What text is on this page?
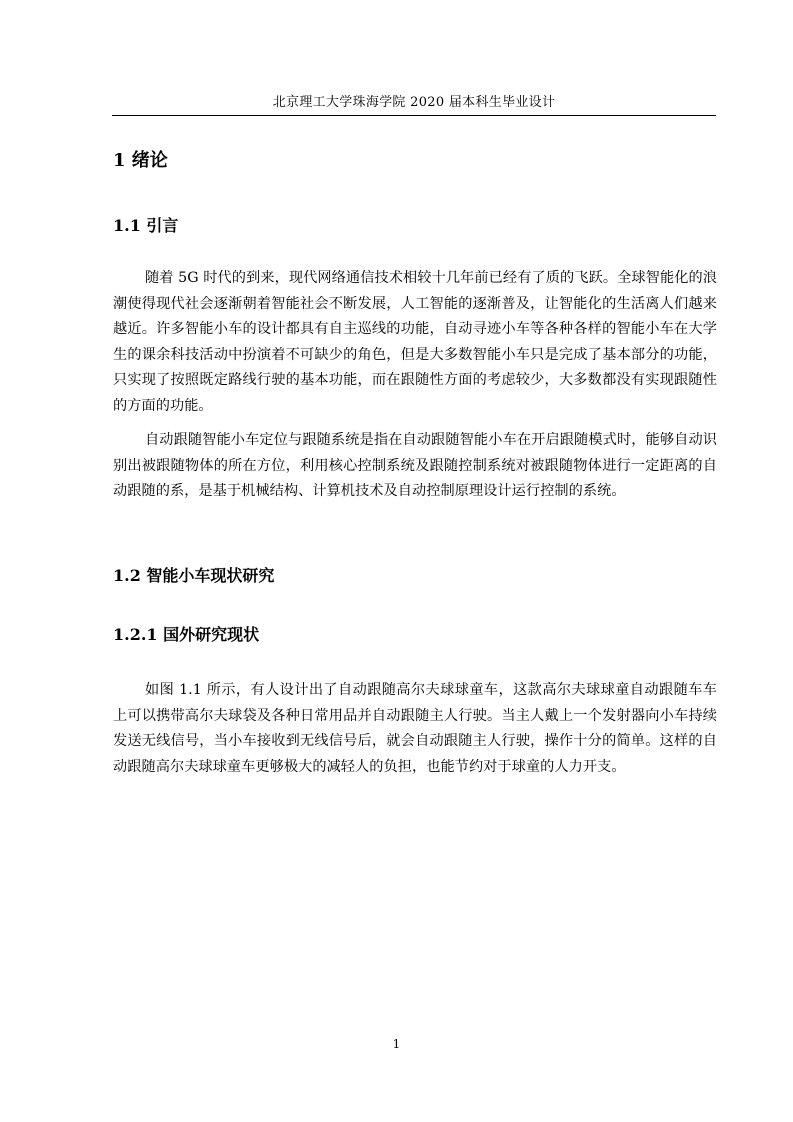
北京理工大学珠海学院 2020 届本科生毕业设计
1 绪论
1.1 引言

随着 5G 时代的到来，现代网络通信技术相较十几年前已经有了质的飞跃。全球智能化的浪潮使得现代社会逐渐朝着智能社会不断发展，人工智能的逐渐普及，让智能化的生活离人们越来越近。许多智能小车的设计都具有自主巡线的功能，自动寻迹小车等各种各样的智能小车在大学生的课余科技活动中扮演着不可缺少的角色，但是大多数智能小车只是完成了基本部分的功能，只实现了按照既定路线行驶的基本功能，而在跟随性方面的考虑较少，大多数都没有实现跟随性的方面的功能。

自动跟随智能小车定位与跟随系统是指在自动跟随智能小车在开启跟随模式时，能够自动识别出被跟随物体的所在方位，利用核心控制系统及跟随控制系统对被跟随物体进行一定距离的自动跟随的系，是基于机械结构、计算机技术及自动控制原理设计运行控制的系统。

1.2 智能小车现状研究
1.2.1 国外研究现状

如图 1.1 所示，有人设计出了自动跟随高尔夫球球童车，这款高尔夫球球童自动跟随车车上可以携带高尔夫球袋及各种日常用品并自动跟随主人行驶。当主人戴上一个发射器向小车持续发送无线信号，当小车接收到无线信号后，就会自动跟随主人行驶，操作十分的简单。这样的自动跟随高尔夫球球童车更够极大的减轻人的负担，也能节约对于球童的人力开支。

1
